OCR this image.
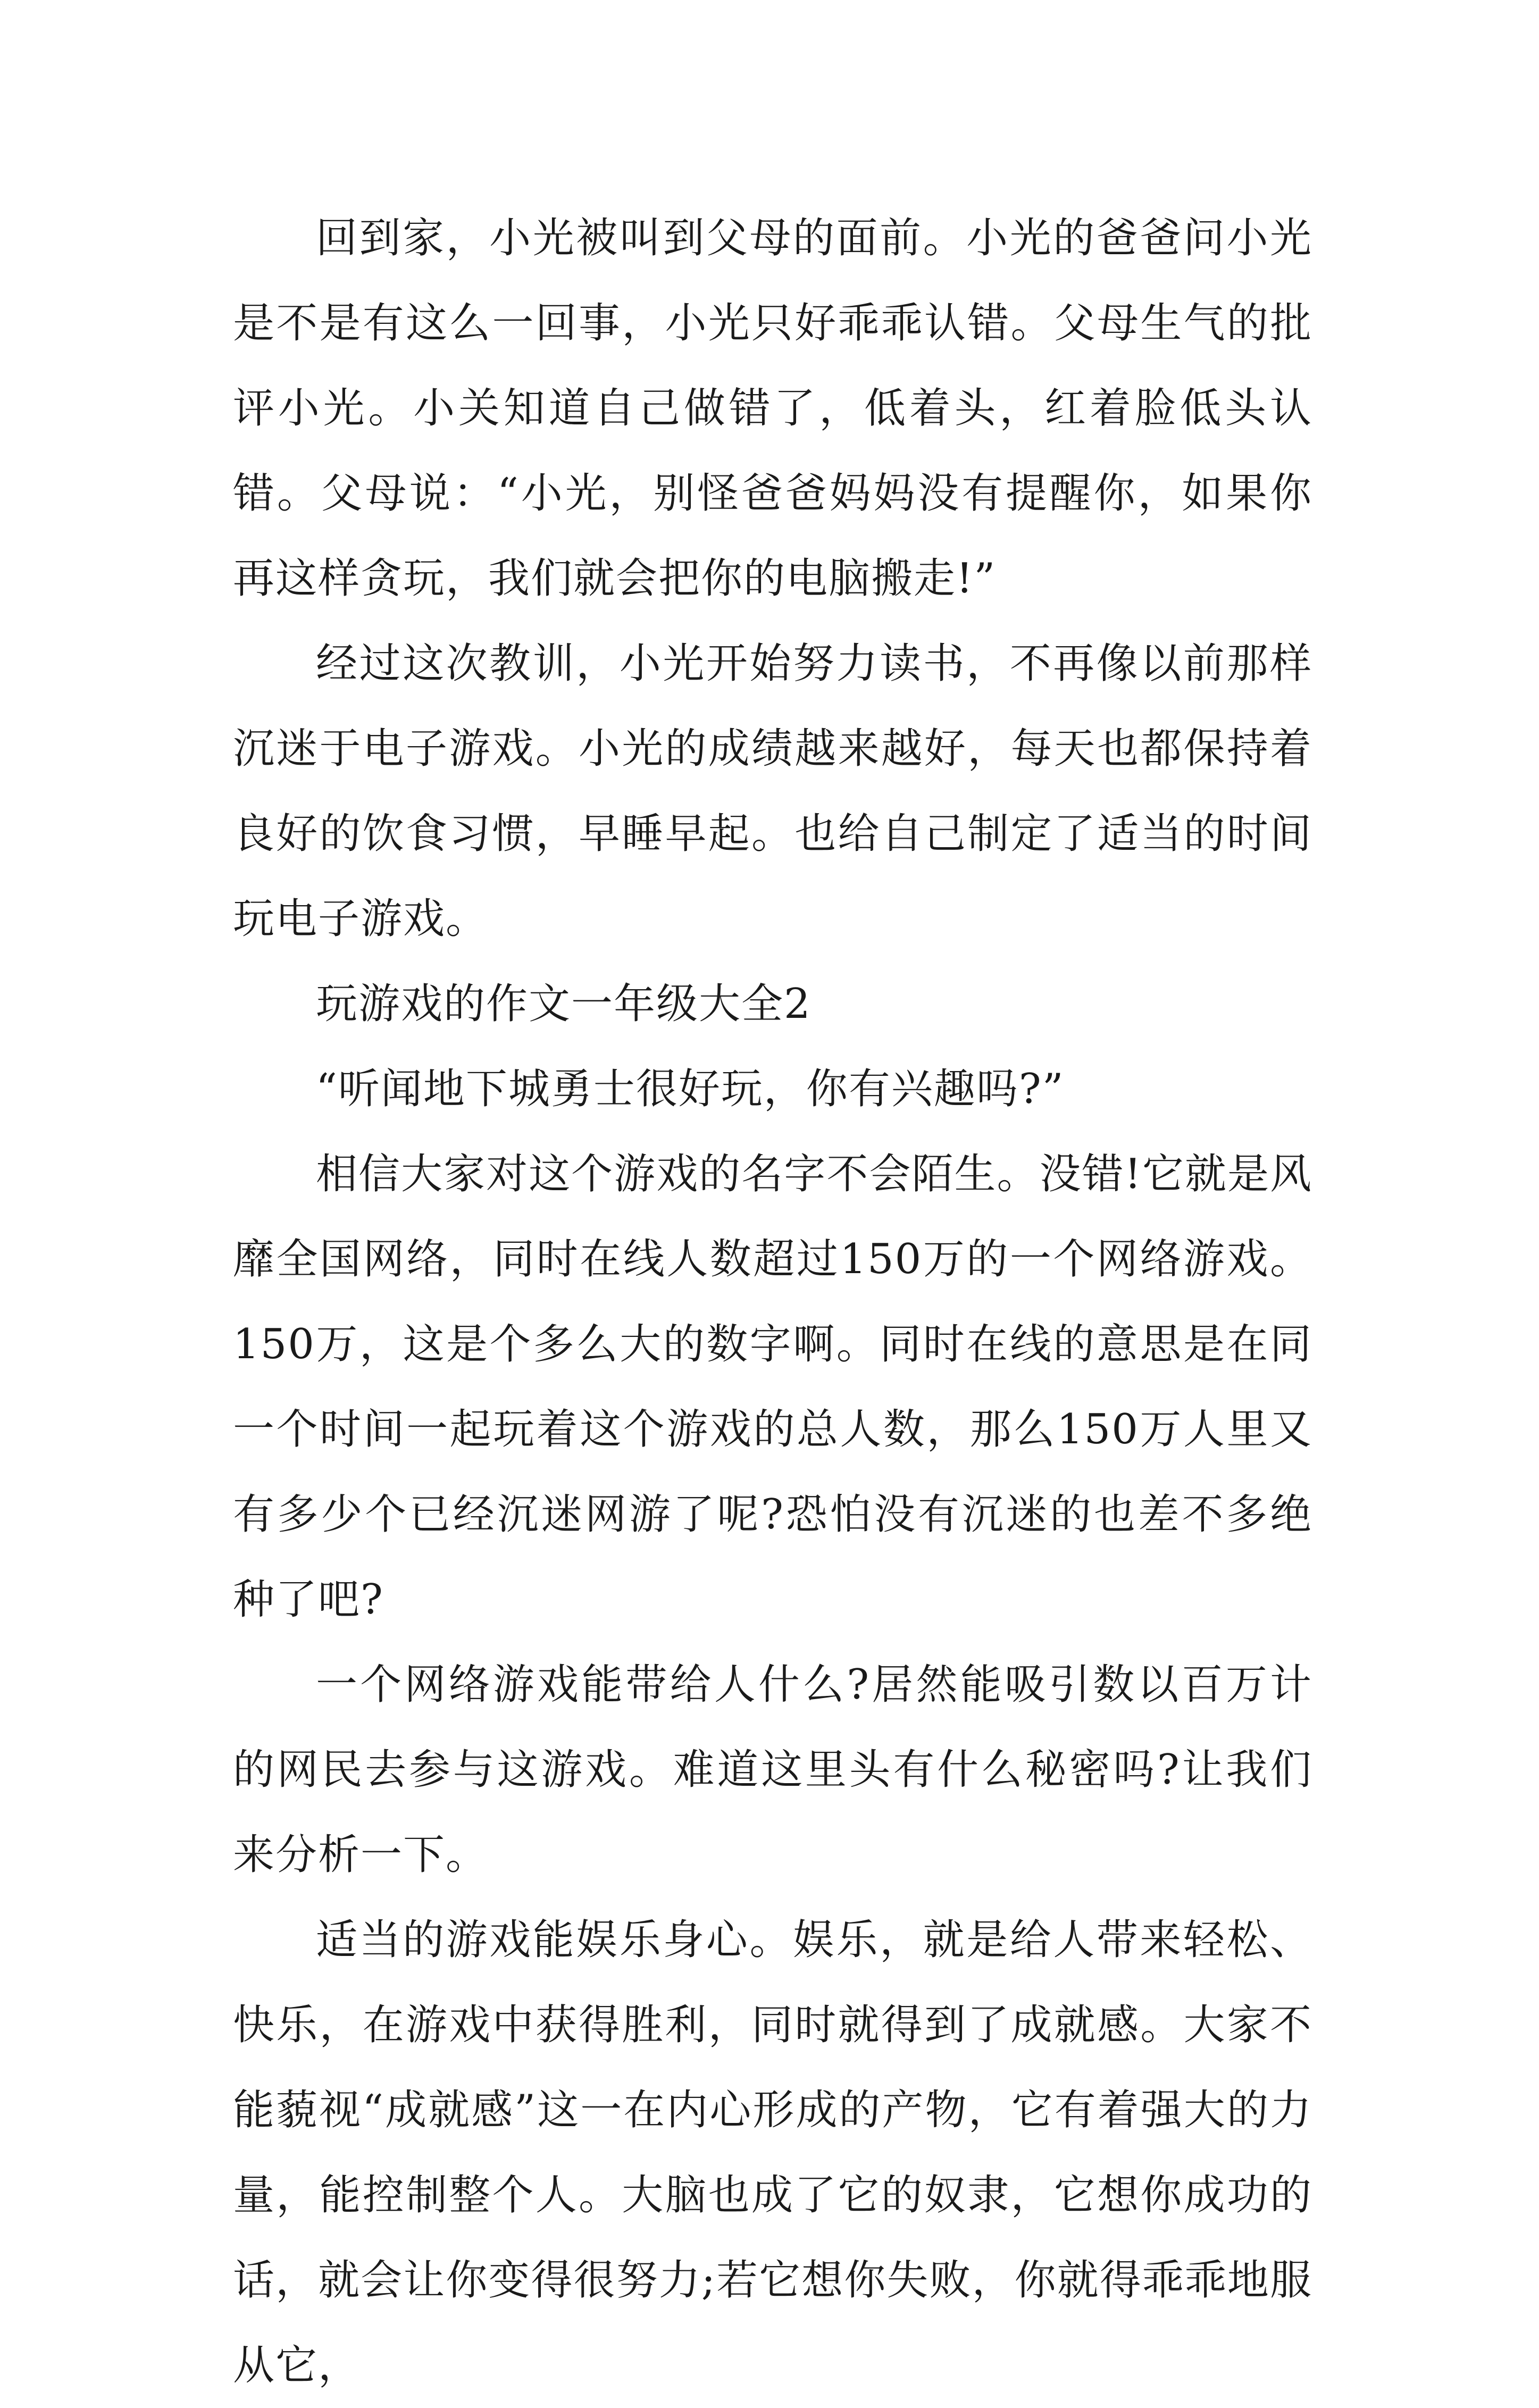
回到家，小光被叫到父母的面前。小光的爸爸问小光是不是有这么一回事，小光只好乖乖认错。父母生气的批评小光。小关知道自己做错了，低着头，红着脸低头认错。父母说：“小光，别怪爸爸妈妈没有提醒你，如果你再这样贪玩，我们就会把你的电脑搬走!”

经过这次教训，小光开始努力读书，不再像以前那样沉迷于电子游戏。小光的成绩越来越好，每天也都保持着良好的饮食习惯，早睡早起。也给自己制定了适当的时间玩电子游戏。

玩游戏的作文一年级大全2

“听闻地下城勇士很好玩，你有兴趣吗?”

相信大家对这个游戏的名字不会陌生。没错!它就是风靡全国网络，同时在线人数超过150万的一个网络游戏。150万，这是个多么大的数字啊。同时在线的意思是在同一个时间一起玩着这个游戏的总人数，那么150万人里又有多少个已经沉迷网游了呢?恐怕没有沉迷的也差不多绝种了吧?

一个网络游戏能带给人什么?居然能吸引数以百万计的网民去参与这游戏。难道这里头有什么秘密吗?让我们来分析一下。

适当的游戏能娱乐身心。娱乐，就是给人带来轻松、快乐，在游戏中获得胜利，同时就得到了成就感。大家不能藐视“成就感”这一在内心形成的产物，它有着强大的力量，能控制整个人。大脑也成了它的奴隶，它想你成功的话，就会让你变得很努力;若它想你失败，你就得乖乖地服从它，
